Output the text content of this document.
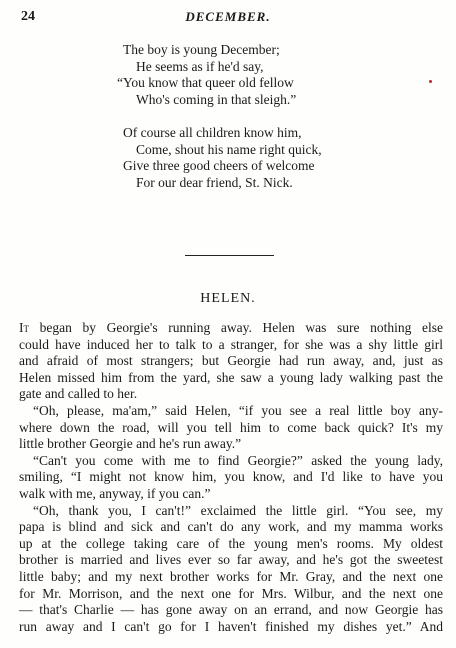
24	DECEMBER.
The boy is young December;
He seems as if he'd say,
“You know that queer old fellow
Who's coming in that sleigh.”
Of course all children know him,
Come, shout his name right quick,
Give three good cheers of welcome
For our dear friend, St. Nick.
HELEN.
It began by Georgie's running away. Helen was sure nothing else
could have induced her to talk to a stranger, for she was a shy little girl
and afraid of most strangers; but Georgie had run away, and, just as
Helen missed him from the yard, she saw a young lady walking past the
gate and called to her.
“Oh, please, ma'am,” said Helen, “if you see a real little boy any-
where down the road, will you tell him to come back quick? It's my
little brother Georgie and he's run away.”
“Can't you come with me to find Georgie?” asked the young lady,
smiling, “I might not know him, you know, and I'd like to have you
walk with me, anyway, if you can.”
“Oh, thank you, I can't!” exclaimed the little girl. “You see, my
papa is blind and sick and can't do any work, and my mamma works
up at the college taking care of the young men's rooms. My oldest
brother is married and lives ever so far away, and he's got the sweetest
little baby; and my next brother works for Mr. Gray, and the next one
for Mr. Morrison, and the next one for Mrs. Wilbur, and the next one
— that's Charlie — has gone away on an errand, and now Georgie has
run away and I can't go for I haven't finished my dishes yet.” And
